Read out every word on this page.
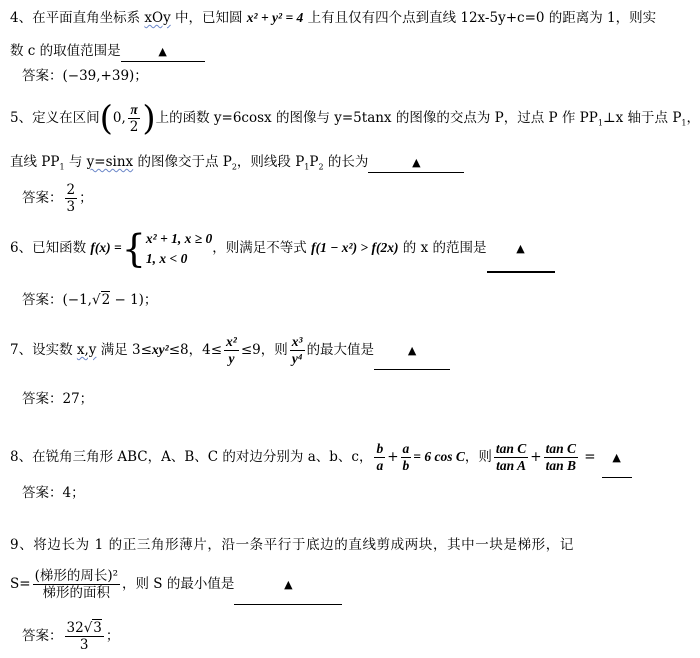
4、在平面直角坐标系 xOy 中，已知圆 x² + y² = 4 上有且仅有四个点到直线 12x-5y+c=0 的距离为 1，则实
数 c 的取值范围是	▲
答案：(−39,+39)；
5、定义在区间(0, $\frac{\pi}{2}$ )上的函数 y=6cosx 的图像与 y=5tanx 的图像的交点为 P，过点 P 作 $PP_1\perp x$ 轴于点 $P_1$，
直线 $PP_1$ 与 y=sinx 的图像交于点 $P_2$，则线段 $P_1P_2$ 的长为	▲
答案： $\frac{2}{3}$ ；
6、已知函数 f(x) ={ x² + 1, x ≥ 0
1, x < 0
，则满足不等式 f(1 − x²) > f(2x) 的 x 的范围是	▲
答案：(−1,√2 − 1)；
7、设实数 x,y 满足 3≤xy²≤8，$4\le \frac{\text{x²}}{y} \le 9$，则 $\frac{\text{x³}}{\text{y⁴}}$ 的最大值是	▲
答案：27；
8、在锐角三角形 ABC，A、B、C 的对边分别为 a、b、c， $\frac{b}{a} + \frac{a}{b} = 6$ cos C，则 $\frac{\text{tan C}}{\text{tan A}} + \frac{\text{tan C}}{\text{tan B}}$ = ▲
答案：4；
9、将边长为 1 的正三角形薄片，沿一条平行于底边的直线剪成两块，其中一块是梯形，记
$S= \frac{\text{(梯形的周长)²}}{\text{梯形的面积}}$ ，则 S 的最小值是	▲
答案： $\frac{32√3}{3}$ ；
